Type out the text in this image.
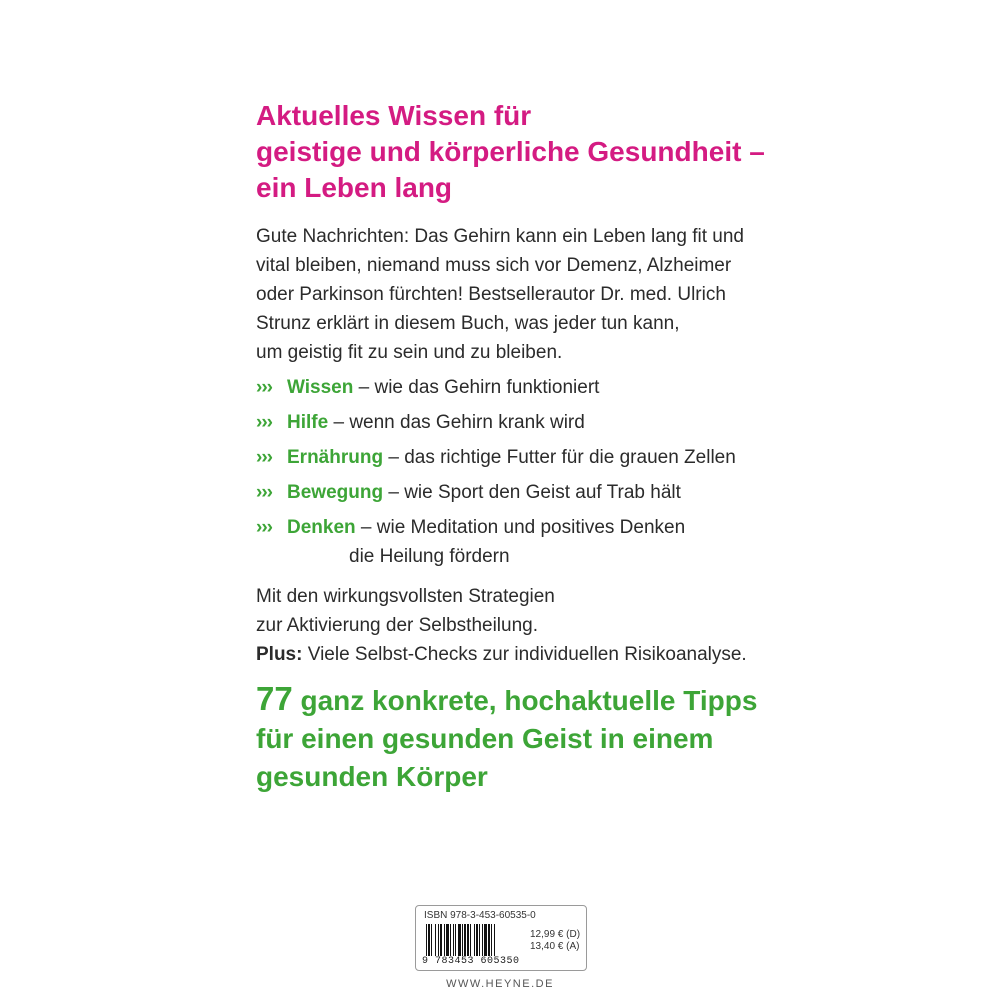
Aktuelles Wissen für
geistige und körperliche Gesundheit –
ein Leben lang
Gute Nachrichten: Das Gehirn kann ein Leben lang fit und
vital bleiben, niemand muss sich vor Demenz, Alzheimer
oder Parkinson fürchten! Bestsellerautor Dr. med. Ulrich
Strunz erklärt in diesem Buch, was jeder tun kann,
um geistig fit zu sein und zu bleiben.
››› Wissen – wie das Gehirn funktioniert
››› Hilfe – wenn das Gehirn krank wird
››› Ernährung – das richtige Futter für die grauen Zellen
››› Bewegung – wie Sport den Geist auf Trab hält
››› Denken – wie Meditation und positives Denken
die Heilung fördern
Mit den wirkungsvollsten Strategien
zur Aktivierung der Selbstheilung.
Plus: Viele Selbst-Checks zur individuellen Risikoanalyse.
77 ganz konkrete, hochaktuelle Tipps
für einen gesunden Geist in einem
gesunden Körper
ISBN 978-3-453-60535-0
9 783453 605350
12,99 € (D)
13,40 € (A)
WWW.HEYNE.DE
